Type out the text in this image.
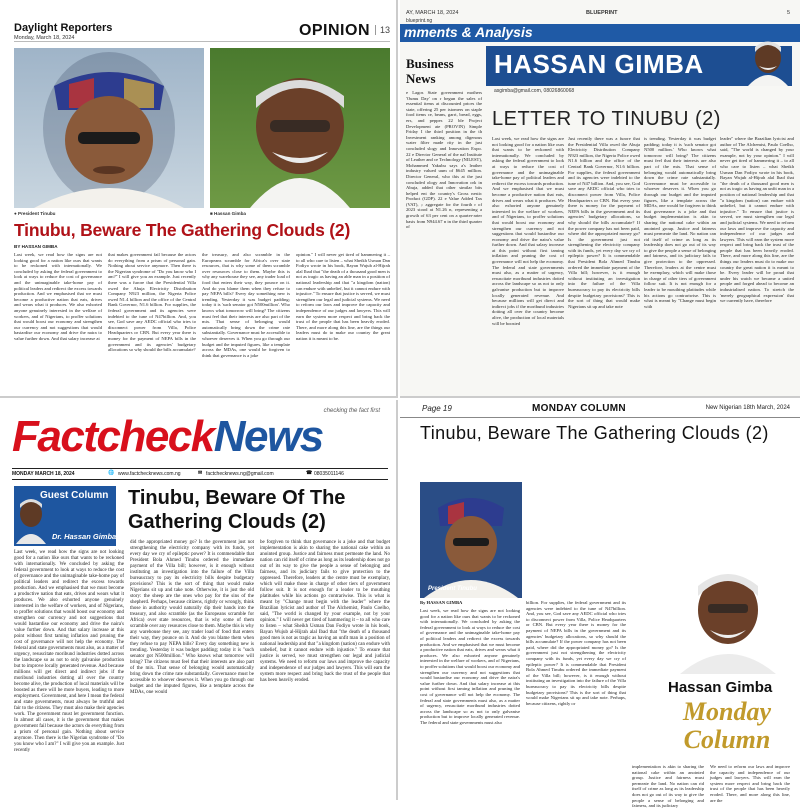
Daylight Reporters
Monday, March 18, 2024	OPINION	13
● President Tinubu	■ Hassan Gimba
Tinubu, Beware The Gathering Clouds (2)
BY HASSAN GIMBA
Last week, we read how the signs are not looking good for a nation like ours that wants to be reckoned with internationally. We concluded by asking the federal government to look at ways to reduce the cost of governance and the unimaginable take-home pay of political leaders and redirect the excess towards production. And we emphasised that we must become a productive nation that eats, drives and wears what it produces. We also exhorted anyone genuinely interested in the welfare of workers, and of Nigerians, to proffer solutions that would boost our economy and strengthen our currency and not suggestions that would bastardise our economy and drive the naira to value further down. And that salary increase at
that makes government fail because the actors do everything from a prism of personal gain. Nothing about service anymore. Then there is the Nigerian syndrome of "Do you know who I am?" I will give you an example. Just recently there was a furore that the Presidential Villa owed the Abuja Electricity Distribution Company N923 million, the Nigeria Police owed N1.4 billion and the office of the Central Bank Governor, N1.6 billion. For supplies, the federal government and its agencies were indebted to the tune of N47billion. And, you see, God save any AEDC official who tries to disconnect power from Villa, Police Headquarters or CBN. But every year there is money for the payment of NEPA bills in the government and its agencies' budgetary allocations so why should the bills accumulate?
the treasury, and also scramble in the Europeans scramble for Africa's over state resources, that is why some of them scramble over resources close to them. Maybe this is why any warehouse they see, any trader load of food that enters their way, they pounce on it. And do you blame them when they refuse to pay NEPA bills? Every day something new is trending. Yesterday it was budget padding; today it is 'such senator got N500million'. Who knows what tomorrow will bring? The citizens must feel that their interests are also part of the mix. That sense of belonging would automatically bring down the crime rate substantially. Governance must be accessible to whoever deserves it. When you go through our budget and the imputed figures, like a template across the MDAs, one would be forgiven to think that governance is a joke
opinion." I will never get tired of hammering it – to all who care to listen – what Sheikh Usman Dan Fodiyo wrote in his book, Bayan Wujub al-Hijrah alal Ibad that "the death of a thousand good men is not as tragic as having an able man in a position of national leadership and that "a kingdom (nation) can endure with unbelief, but it cannot endure with injustice." To ensure that justice is served, we must strengthen our legal and judicial systems. We need to reform our laws and improve the capacity and independence of our judges and lawyers. This will earn the system more respect and bring back the trust of the people that has been heavily eroded. There, and more along this line, are the things our leaders must do to make our country the great nation it is meant to be.
AY, MARCH 18, 2024	BLUEPRINT	5
blueprint.ng
mments & Analysis
Business News
e Lagos State government mothers 'Oumu Day' on r begun the sales of essential items at discounted prices the state, offering 25 per istomers on staple food items ce, beans, garri, bread, eggs, ers, and pepper. 22 ble Project Development ate (PROVIN) Simple Friday I the third position in the th Investment ranking among digenous water filter made rity in the just concluded slogy and Innovation Expo. 22 e Director General of the nal Institute of Leather and ce Technology (NILEST), Mohammed Yakubu says a's leather industry valued uum of $645 million. Director General, who this at the just concluded ology and Innovation ork in Abuja, added that other similar bits helped ent the country's Gross nestic Product (GDP). 22 e Value Added Tax (VAT), ;: aggregate for the fourth r of 2023 stood at N1.26 n, representing a growth of 63 per cent on a quarter-arter basis from N944.67 n in the third quarter of
HASSAN GIMBA
asgimba@gmail.com, 08026860068
LETTER TO TINUBU (2)
Last week, we read how the signs are not looking good for a nation like ours that wants to be reckoned with internationally. We concluded by asking the federal government to look at ways to reduce the cost of governance and the unimaginable take-home pay of political leaders and redirect the excess towards production. And we emphasised that we must become a productive nation that eats, drives and wears what it produces. We also exhorted anyone genuinely interested in the welfare of workers, and of Nigerians, to proffer solutions that would boost our economy and strengthen our currency and not suggestions that would bastardise our economy and drive the naira's value further down. And that salary increase at this point without first taming inflation and pruning the cost of governance will not help the economy. The federal and state governments must also, as a matter of urgency, resuscitate moribund industries dotted across the landscape so as not to only galvanise production but to improve locally generated revenue. And because millions will get direct and indirect jobs if the moribund industries dotting all over the country become alive, the production of local materials will be boosted
Just recently there was a furore that the Presidential Villa owed the Abuja Electricity Distribution Company N923 million, the Nigeria Police owed N1.6 billion and the office of the Central Bank Governor, N1.6 billion. For supplies, the federal government and its agencies were indebted to the tune of N47 billion. And, you see, God save any AEDC official who tries to disconnect power from Villa, Police Headquarters or CBN. But every year there is money for the payment of NEPA bills in the government and its agencies' budgetary allocations, so why should the bills accumulate? If the power company has not been paid, where did the appropriated money go? Is the government just not strengthening the electricity company with its funds, yet every day we cry of epileptic power? It is commendable that President Bola Ahmed Tinubu ordered the immediate payment of the Villa bill; however, is it enough without instituting an investigation into the failure of the Villa bureaucracy to pay its electricity bills despite budgetary provisions? This is the sort of thing that would make Nigerians sit up and take note
is trending. Yesterday it was budget padding; today it is 'such senator got N500 million.' Who knows what tomorrow will bring? The citizens must feel that their interests are also part of the mix. That sense of belonging would automatically bring down the crime rate substantially. Governance must be accessible to whoever deserves it. When you go through our budget and the imputed figures, like a template across the MDAs, one would be forgiven to think that governance is a joke and that budget implementation is akin to sharing the national cake within an anointed group. Justice and fairness must permeate the land. No nation can rid itself of crime as long as its leadership does not go out of its way to give the people a sense of belonging and fairness, and its judiciary fails to give protection to the oppressed. Therefore, leaders at the centre must be exemplary, which will make those in charge of other tiers of government follow suit. It is not enough for a leader to be mouthing platitudes while his actions go contrariwise. This is what is meant by "Change must begin with
leader" where the Brazilian lyricist and author of The Alchemist, Paulo Coelho, said, "The world is changed by your example, not by your opinion." I will never get tired of hammering it – to all who care to listen – what Sheikh Usman Dan Fodiyo wrote in his book, Bayan Wujub al-Hijrah alal Ibad that "the death of a thousand good men is not as tragic as having an unfit man in a position of national leadership and that "a kingdom (nation) can endure with unbelief, but it cannot endure with injustice." To ensure that justice is served, we must strengthen our legal and judicial systems. We need to reform our laws and improve the capacity and independence of our judges and lawyers. This will earn the system more respect and bring back the trust of the people that has been heavily eroded. There, and more along this line, are the things our leaders must do to make our country the great nation it is meant to be. Every leader will be proud that under his watch we became a united people and forged ahead to become an industrialised nation. To stretch the 'merely geographical expression' that we currently have, therefore
FactcheckNews
checking the fact first
MONDAY MARCH 18, 2024	🌐 www.factchecknews.com.ng	✉ factchecknews.ng@gmail.com	☎ 08035011146
Guest Column
Dr. Hassan Gimba
Tinubu, Beware Of The Gathering Clouds (2)
Last week, we read how the signs are not looking good for a nation like ours that wants to be reckoned with internationally. We concluded by asking the federal government to look at ways to reduce the cost of governance and the unimaginable take-home pay of political leaders and redirect the excess towards production. And we emphasised that we must become a productive nation that eats, drives and wears what it produces. We also exhorted anyone genuinely interested in the welfare of workers, and of Nigerians, to proffer solutions that would boost our economy and strengthen our currency and not suggestions that would bastardise our economy and drive the naira's value further down. And that salary increase at this point without first taming inflation and pruning the cost of governance will not help the economy. The federal and state governments must also, as a matter of urgency, resuscitate moribund industries dotted across the landscape so as not to only galvanise production but to improve locally generated revenue. And because millions will get direct and indirect jobs if the moribund industries dotting all over the country become alive, the production of local materials will be boosted as there will be more buyers, leading to more employment. Government, and here I mean the federal and state governments, must always be truthful and fair to the citizens. They must also make their agencies work. The government must let government function. In almost all cases, it is the government that makes government fail because the actors do everything from a prism of personal gain. Nothing about service anymore. Then there is the Nigerian syndrome of "Do you know who I am?" I will give you an example. Just recently
did the appropriated money go? Is the government just not strengthening the electricity company with its funds, yet every day we cry of epileptic power? It is commendable that President Bola Ahmed Tinubu ordered the immediate payment of the Villa bill; however, is it enough without instituting an investigation into the failure of the Villa bureaucracy to pay its electricity bills despite budgetary provisions? This is the sort of thing that would make Nigerians sit up and take note. Otherwise, it is just the old story: the sheep are the ones who pay for the sins of the shepherd. Perhaps, because citizens, rightly or wrongly, think those in authority would naturally dip their hands into the treasury, and also scramble (as the Europeans scramble for Africa) over state resources, that is why some of them scramble over any resources close to them. Maybe this is why any warehouse they see, any trader load of food that enters their way, they pounce on it. And do you blame them when they refuse to pay NEPA bills? Every day something new is trending. Yesterday it was budget padding; today it is "such senator got N500million." Who knows what tomorrow will bring? The citizens must feel that their interests are also part of the mix. That sense of belonging would automatically bring down the crime rate substantially. Governance must be accessible to whoever deserves it. When you go through our budget and the imputed figures, like a template across the MDAs, one would
be forgiven to think that governance is a joke and that budget implementation is akin to sharing the national cake within an anointed group. Justice and fairness must permeate the land. No nation can rid itself of crime as long as its leadership does not go out of its way to give the people a sense of belonging and fairness, and its judiciary fails to give protection to the oppressed. Therefore, leaders at the centre must be exemplary, which will make those in charge of other tiers of government follow suit. It is not enough for a leader to be mouthing platitudes while his actions go contrariwise. This is what is meant by "Change must begin with the leader" where the Brazilian lyricist and author of The Alchemist, Paulo Coelho, said, "The world is changed by your example, not by your opinion." I will never get tired of hammering it – to all who care to listen – what Sheikh Usman Dan Fodiyo wrote in his book, Bayan Wujub al-Hijrah alal Ibad that "the death of a thousand good men is not as tragic as having an unfit man in a position of national leadership and that "a kingdom (nation) can endure with unbelief, but it cannot endure with injustice." To ensure that justice is served, we must strengthen our legal and judicial systems. We need to reform our laws and improve the capacity and independence of our judges and lawyers. This will earn the system more respect and bring back the trust of the people that has been heavily eroded.
Page 19	MONDAY COLUMN	New Nigerian 18th March, 2024
Tinubu, Beware The Gathering Clouds (2)
President Tinubu
By HASSAN GIMBA
Last week, we read how the signs are not looking good for a nation like ours that wants to be reckoned with internationally. We concluded by asking the federal government to look at ways to reduce the cost of governance and the unimaginable take-home pay of political leaders and redirect the excess towards production. And we emphasised that we must become a productive nation that eats, drives and wears what it produces. We also exhorted anyone genuinely interested in the welfare of workers, and of Nigerians, to proffer solutions that would boost our economy and strengthen our currency and not suggestions that would bastardise our economy and drive the naira's value further down. And that salary increase at this point without first taming inflation and pruning the cost of governance will not help the economy. The federal and state governments must also, as a matter of urgency, resuscitate moribund industries dotted across the landscape so as not to only galvanise production but to improve locally generated revenue. The federal and state governments must also
billion. For supplies, the federal government and its agencies were indebted to the tune of N47billion. And, you see, God save any AEDC official who tries to disconnect power from Villa, Police Headquarters or CBN. But every year there is money for the payment of NEPA bills in the government and its agencies' budgetary allocations, so why should the bills accumulate? If the power company has not been paid, where did the appropriated money go? Is the government just not strengthening the electricity company with its funds, yet every day we cry of epileptic power? It is commendable that President Bola Ahmed Tinubu ordered the immediate payment of the Villa bill; however, is it enough without instituting an investigation into the failure of the Villa bureaucracy to pay its electricity bills despite budgetary provisions? This is the sort of thing that would make Nigerians sit up and take note. Perhaps, because citizens, rightly or
Hassan Gimba
Monday Column
implementation is akin to sharing the national cake within an anointed group. Justice and fairness must permeate the land. No nation can rid itself of crime as long as its leadership does not go out of its way to give the people a sense of belonging and fairness, and its judiciary
We need to reform our laws and improve the capacity and independence of our judges and lawyers. This will earn the system more respect and bring back the trust of the people that has been heavily eroded. There, and more along this line, are the
